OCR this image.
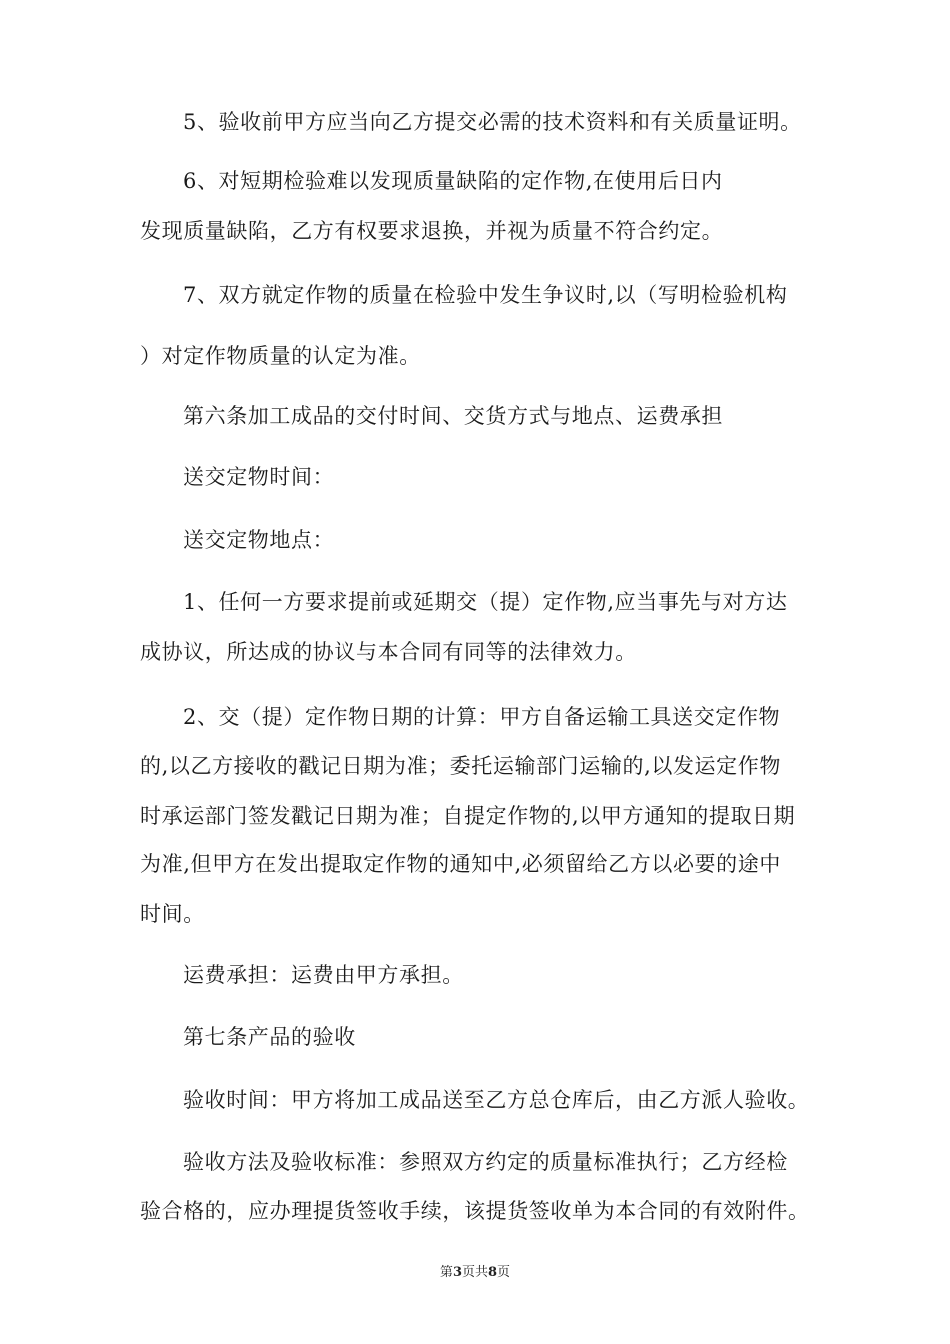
5、验收前甲方应当向乙方提交必需的技术资料和有关质量证明。
6、对短期检验难以发现质量缺陷的定作物,在使用后日内
发现质量缺陷，乙方有权要求退换，并视为质量不符合约定。
7、双方就定作物的质量在检验中发生争议时,以（写明检验机构
）对定作物质量的认定为准。
第六条加工成品的交付时间、交货方式与地点、运费承担
送交定物时间：
送交定物地点：
1、任何一方要求提前或延期交（提）定作物,应当事先与对方达
成协议，所达成的协议与本合同有同等的法律效力。
2、交（提）定作物日期的计算：甲方自备运输工具送交定作物
的,以乙方接收的戳记日期为准；委托运输部门运输的,以发运定作物
时承运部门签发戳记日期为准；自提定作物的,以甲方通知的提取日期
为准,但甲方在发出提取定作物的通知中,必须留给乙方以必要的途中
时间。
运费承担：运费由甲方承担。
第七条产品的验收
验收时间：甲方将加工成品送至乙方总仓库后，由乙方派人验收。
验收方法及验收标准：参照双方约定的质量标准执行；乙方经检
验合格的，应办理提货签收手续，该提货签收单为本合同的有效附件。
第3页共8页
